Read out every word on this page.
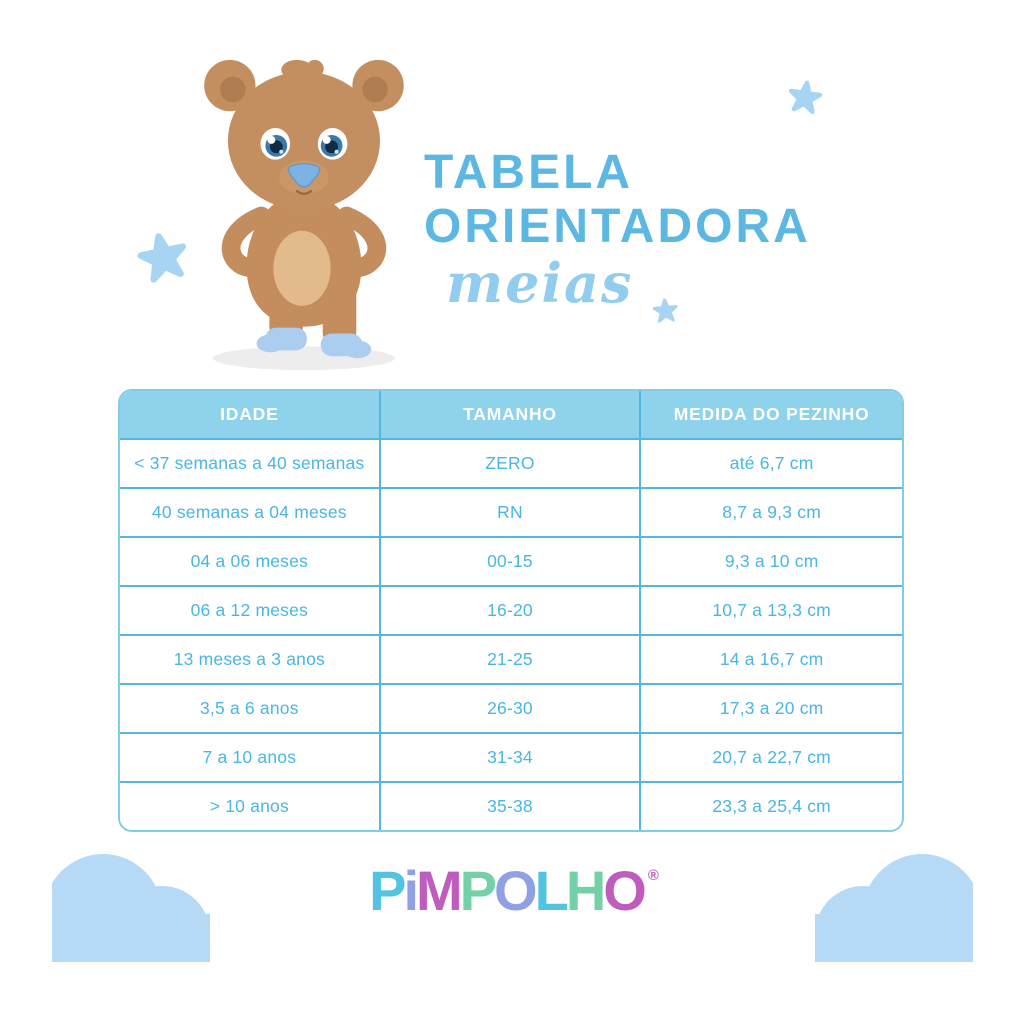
TABELA
ORIENTADORA
meias
IDADE	TAMANHO	MEDIDA DO PEZINHO
< 37 semanas a 40 semanas	ZERO	até 6,7 cm
40 semanas a 04 meses	RN	8,7 a 9,3 cm
04 a 06 meses	00-15	9,3 a 10 cm
06 a 12 meses	16-20	10,7 a 13,3 cm
13 meses a 3 anos	21-25	14 a 16,7 cm
3,5 a 6 anos	26-30	17,3 a 20 cm
7 a 10 anos	31-34	20,7 a 22,7 cm
> 10 anos	35-38	23,3 a 25,4 cm
PiMPOLHO ®
